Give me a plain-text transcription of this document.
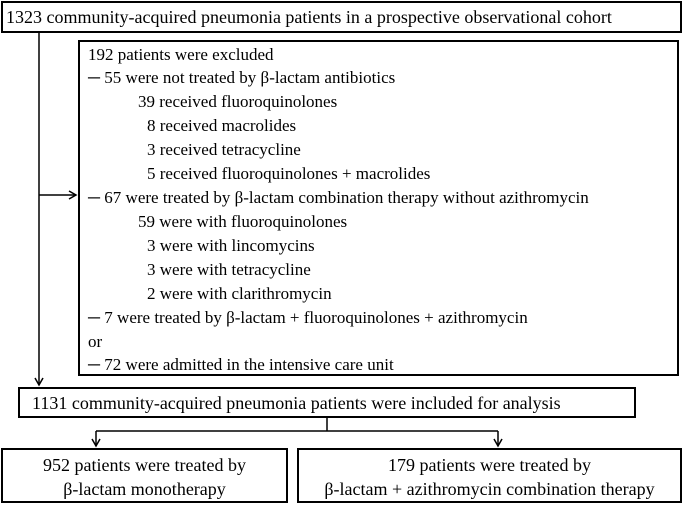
1323 community-acquired pneumonia patients in a prospective observational cohort
192 patients were excluded
─ 55 were not treated by β-lactam antibiotics
39 received fluoroquinolones
8 received macrolides
3 received tetracycline
5 received fluoroquinolones + macrolides
─ 67 were treated by β-lactam combination therapy without azithromycin
59 were with fluoroquinolones
3 were with lincomycins
3 were with tetracycline
2 were with clarithromycin
─ 7 were treated by β-lactam + fluoroquinolones + azithromycin
or
─ 72 were admitted in the intensive care unit
1131 community-acquired pneumonia patients were included for analysis
952 patients were treated by
β-lactam monotherapy
179 patients were treated by
β-lactam + azithromycin combination therapy
